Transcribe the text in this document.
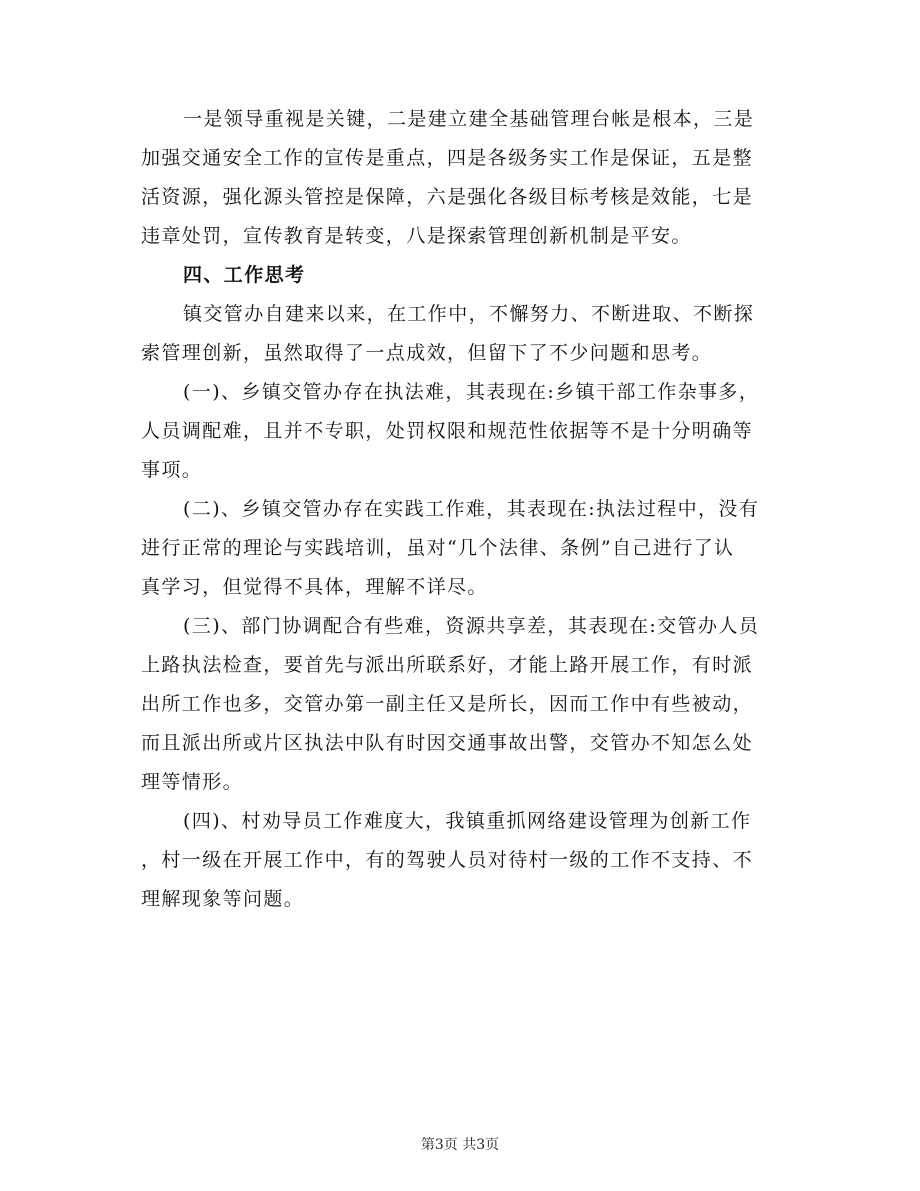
一是领导重视是关键，二是建立建全基础管理台帐是根本，三是
加强交通安全工作的宣传是重点，四是各级务实工作是保证，五是整
活资源，强化源头管控是保障，六是强化各级目标考核是效能，七是
违章处罚，宣传教育是转变，八是探索管理创新机制是平安。
四、工作思考
镇交管办自建来以来，在工作中，不懈努力、不断进取、不断探
索管理创新，虽然取得了一点成效，但留下了不少问题和思考。
(一)、乡镇交管办存在执法难，其表现在:乡镇干部工作杂事多，
人员调配难，且并不专职，处罚权限和规范性依据等不是十分明确等
事项。
(二)、乡镇交管办存在实践工作难，其表现在:执法过程中，没有
进行正常的理论与实践培训，虽对“几个法律、条例”自己进行了认
真学习，但觉得不具体，理解不详尽。
(三)、部门协调配合有些难，资源共享差，其表现在:交管办人员
上路执法检查，要首先与派出所联系好，才能上路开展工作，有时派
出所工作也多，交管办第一副主任又是所长，因而工作中有些被动，
而且派出所或片区执法中队有时因交通事故出警，交管办不知怎么处
理等情形。
(四)、村劝导员工作难度大，我镇重抓网络建设管理为创新工作
，村一级在开展工作中，有的驾驶人员对待村一级的工作不支持、不
理解现象等问题。
第3页 共3页
